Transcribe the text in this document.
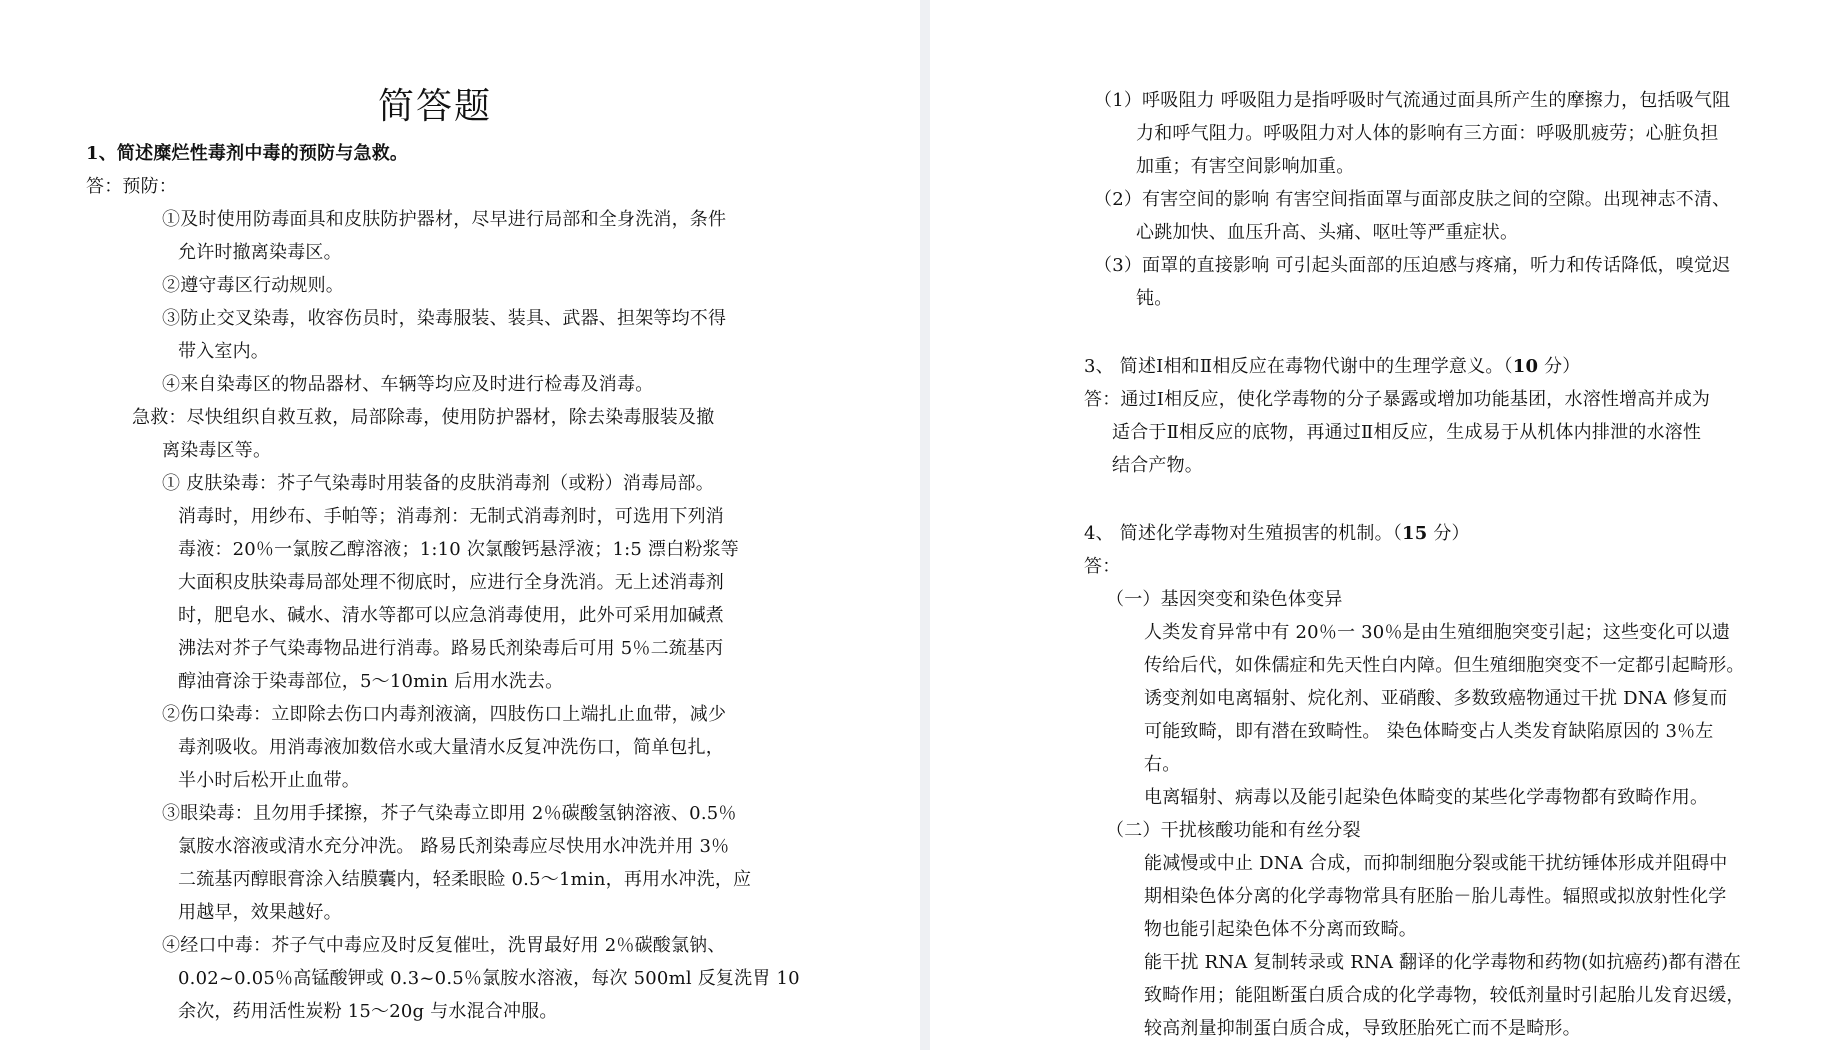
简答题
1、简述糜烂性毒剂中毒的预防与急救。
答：预防：
①及时使用防毒面具和皮肤防护器材，尽早进行局部和全身洗消，条件
允许时撤离染毒区。
②遵守毒区行动规则。
③防止交叉染毒，收容伤员时，染毒服装、装具、武器、担架等均不得
带入室内。
④来自染毒区的物品器材、车辆等均应及时进行检毒及消毒。
急救：尽快组织自救互救，局部除毒，使用防护器材，除去染毒服装及撤
离染毒区等。
① 皮肤染毒：芥子气染毒时用装备的皮肤消毒剂（或粉）消毒局部。
消毒时，用纱布、手帕等；消毒剂：无制式消毒剂时，可选用下列消
毒液：20％一氯胺乙醇溶液；1:10 次氯酸钙悬浮液；1:5 漂白粉浆等
大面积皮肤染毒局部处理不彻底时，应进行全身洗消。无上述消毒剂
时，肥皂水、碱水、清水等都可以应急消毒使用，此外可采用加碱煮
沸法对芥子气染毒物品进行消毒。路易氏剂染毒后可用 5％二巯基丙
醇油膏涂于染毒部位，5～10min 后用水洗去。
②伤口染毒：立即除去伤口内毒剂液滴，四肢伤口上端扎止血带，减少
毒剂吸收。用消毒液加数倍水或大量清水反复冲洗伤口，简单包扎，
半小时后松开止血带。
③眼染毒：且勿用手揉擦，芥子气染毒立即用 2％碳酸氢钠溶液、0.5％
氯胺水溶液或清水充分冲洗。 路易氏剂染毒应尽快用水冲洗并用 3％
二巯基丙醇眼膏涂入结膜囊内，轻柔眼睑 0.5～1min，再用水冲洗，应
用越早，效果越好。
④经口中毒：芥子气中毒应及时反复催吐，洗胃最好用 2％碳酸氯钠、
0.02~0.05％高锰酸钾或 0.3~0.5％氯胺水溶液，每次 500ml 反复洗胃 10
余次，药用活性炭粉 15～20g 与水混合冲服。
（1）呼吸阻力 呼吸阻力是指呼吸时气流通过面具所产生的摩擦力，包括吸气阻
力和呼气阻力。呼吸阻力对人体的影响有三方面：呼吸肌疲劳；心脏负担
加重；有害空间影响加重。
（2）有害空间的影响 有害空间指面罩与面部皮肤之间的空隙。出现神志不清、
心跳加快、血压升高、头痛、呕吐等严重症状。
（3）面罩的直接影响 可引起头面部的压迫感与疼痛，听力和传话降低，嗅觉迟
钝。
3、 简述Ⅰ相和Ⅱ相反应在毒物代谢中的生理学意义。（10 分）
答：通过Ⅰ相反应，使化学毒物的分子暴露或增加功能基团，水溶性增高并成为
适合于Ⅱ相反应的底物，再通过Ⅱ相反应，生成易于从机体内排泄的水溶性
结合产物。
4、 简述化学毒物对生殖损害的机制。（15 分）
答：
（一）基因突变和染色体变异
人类发育异常中有 20％一 30％是由生殖细胞突变引起；这些变化可以遗
传给后代，如侏儒症和先天性白内障。但生殖细胞突变不一定都引起畸形。
诱变剂如电离辐射、烷化剂、亚硝酸、多数致癌物通过干扰 DNA 修复而
可能致畸，即有潜在致畸性。 染色体畸变占人类发育缺陷原因的 3％左
右。
电离辐射、病毒以及能引起染色体畸变的某些化学毒物都有致畸作用。
（二）干扰核酸功能和有丝分裂
能减慢或中止 DNA 合成，而抑制细胞分裂或能干扰纺锤体形成并阻碍中
期相染色体分离的化学毒物常具有胚胎－胎儿毒性。辐照或拟放射性化学
物也能引起染色体不分离而致畸。
能干扰 RNA 复制转录或 RNA 翻译的化学毒物和药物(如抗癌药)都有潜在
致畸作用；能阻断蛋白质合成的化学毒物，较低剂量时引起胎儿发育迟缓，
较高剂量抑制蛋白质合成，导致胚胎死亡而不是畸形。
